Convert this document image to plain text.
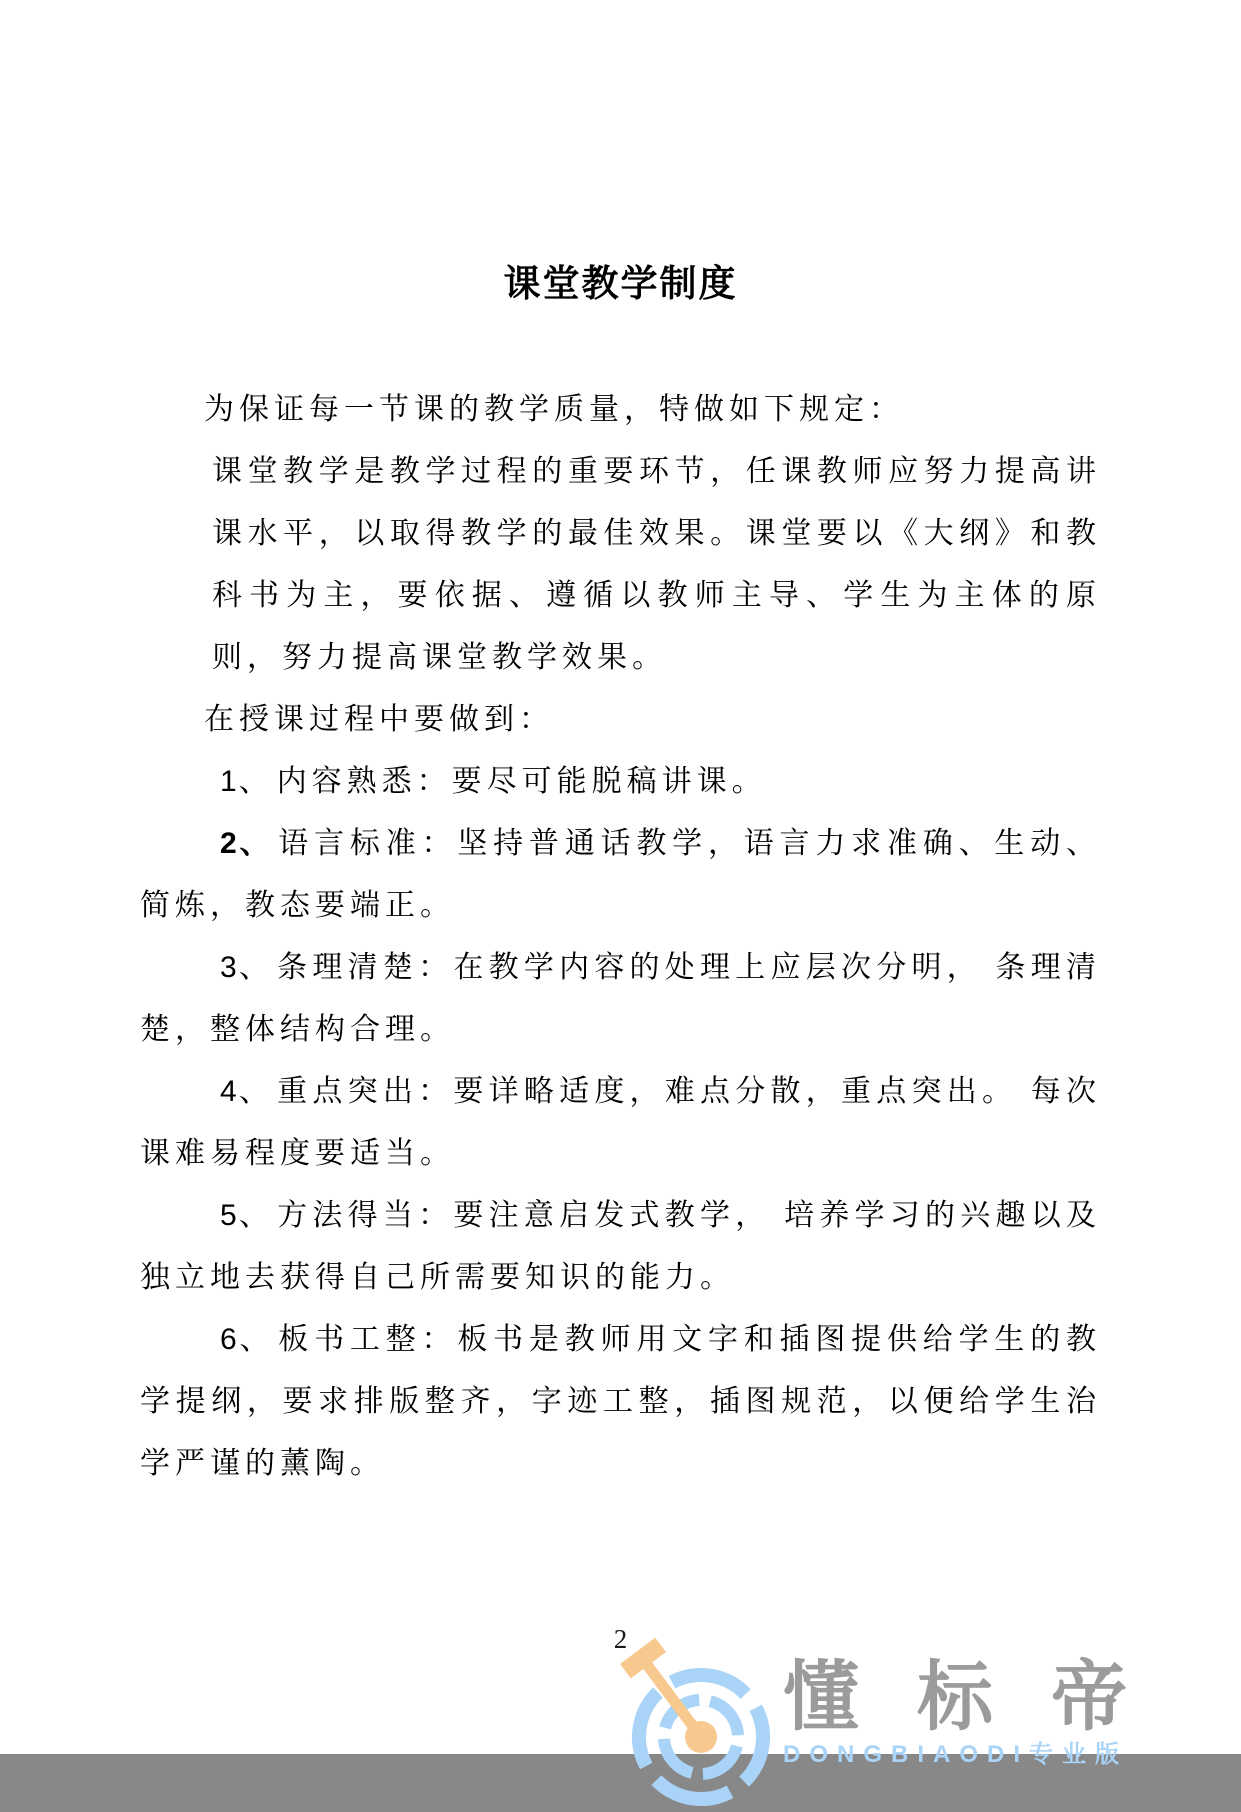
课堂教学制度

为保证每一节课的教学质量，特做如下规定：

课堂教学是教学过程的重要环节，任课教师应努力提高讲课水平，以取得教学的最佳效果。课堂要以《大纲》和教科书为主，要依据、遵循以教师主导、学生为主体的原则，努力提高课堂教学效果。

在授课过程中要做到：

1、 内容熟悉：要尽可能脱稿讲课。

2、 语言标准：坚持普通话教学，语言力求准确、生动、简炼，教态要端正。

3、 条理清楚：在教学内容的处理上应层次分明， 条理清楚，整体结构合理。

4、 重点突出：要详略适度，难点分散，重点突出。 每次课难易程度要适当。

5、 方法得当：要注意启发式教学， 培养学习的兴趣以及独立地去获得自己所需要知识的能力。

6、 板书工整：板书是教师用文字和插图提供给学生的教学提纲，要求排版整齐，字迹工整，插图规范，以便给学生治学严谨的薰陶。

2
懂标帝
DONGBIAODI专业版
